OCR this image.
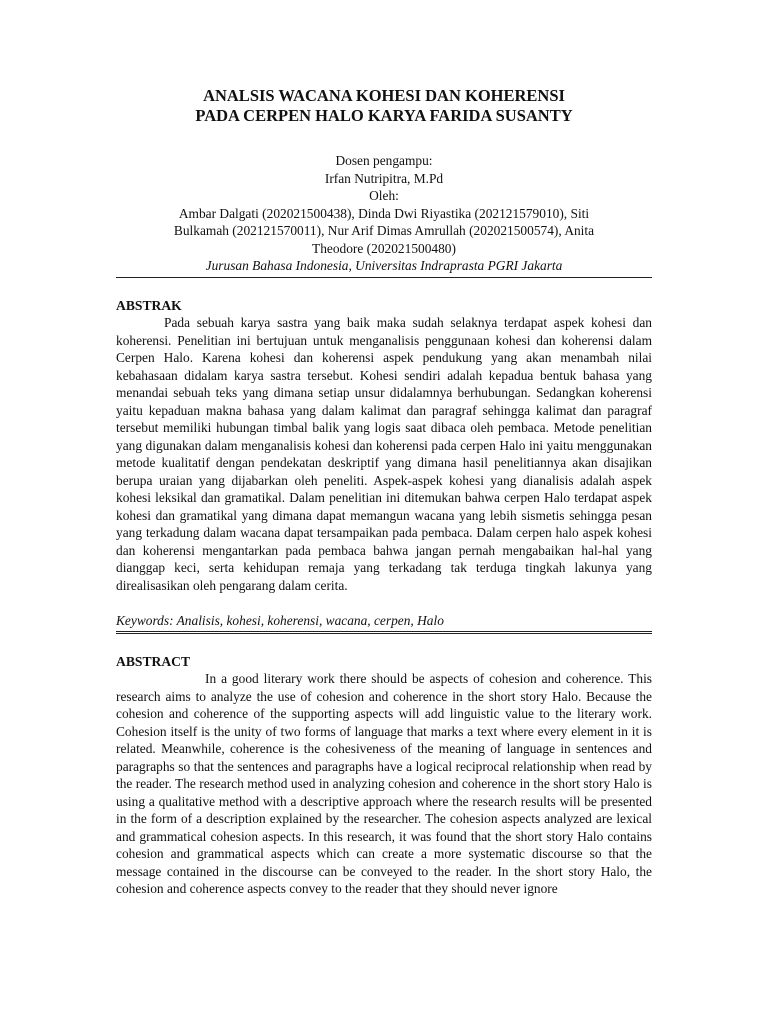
ANALSIS WACANA KOHESI DAN KOHERENSI
PADA CERPEN HALO KARYA FARIDA SUSANTY
Dosen pengampu:
Irfan Nutripitra, M.Pd
Oleh:
Ambar Dalgati (202021500438), Dinda Dwi Riyastika (202121579010), Siti
Bulkamah (202121570011), Nur Arif Dimas Amrullah (202021500574), Anita
Theodore (202021500480)
Jurusan Bahasa Indonesia, Universitas Indraprasta PGRI Jakarta
ABSTRAK

Pada sebuah karya sastra yang baik maka sudah selaknya terdapat aspek kohesi dan koherensi. Penelitian ini bertujuan untuk menganalisis penggunaan kohesi dan koherensi dalam Cerpen Halo. Karena kohesi dan koherensi aspek pendukung yang akan menambah nilai kebahasaan didalam karya sastra tersebut. Kohesi sendiri adalah kepadua bentuk bahasa yang menandai sebuah teks yang dimana setiap unsur didalamnya berhubungan. Sedangkan koherensi yaitu kepaduan makna bahasa yang dalam kalimat dan paragraf sehingga kalimat dan paragraf tersebut memiliki hubungan timbal balik yang logis saat dibaca oleh pembaca. Metode penelitian yang digunakan dalam menganalisis kohesi dan koherensi pada cerpen Halo ini yaitu menggunakan metode kualitatif dengan pendekatan deskriptif yang dimana hasil penelitiannya akan disajikan berupa uraian yang dijabarkan oleh peneliti. Aspek-aspek kohesi yang dianalisis adalah aspek kohesi leksikal dan gramatikal. Dalam penelitian ini ditemukan bahwa cerpen Halo terdapat aspek kohesi dan gramatikal yang dimana dapat memangun wacana yang lebih sismetis sehingga pesan yang terkadung dalam wacana dapat tersampaikan pada pembaca. Dalam cerpen halo aspek kohesi dan koherensi mengantarkan pada pembaca bahwa jangan pernah mengabaikan hal-hal yang dianggap keci, serta kehidupan remaja yang terkadang tak terduga tingkah lakunya yang direalisasikan oleh pengarang dalam cerita.

Keywords: Analisis, kohesi, koherensi, wacana, cerpen, Halo
ABSTRACT

In a good literary work there should be aspects of cohesion and coherence. This research aims to analyze the use of cohesion and coherence in the short story Halo. Because the cohesion and coherence of the supporting aspects will add linguistic value to the literary work. Cohesion itself is the unity of two forms of language that marks a text where every element in it is related. Meanwhile, coherence is the cohesiveness of the meaning of language in sentences and paragraphs so that the sentences and paragraphs have a logical reciprocal relationship when read by the reader. The research method used in analyzing cohesion and coherence in the short story Halo is using a qualitative method with a descriptive approach where the research results will be presented in the form of a description explained by the researcher. The cohesion aspects analyzed are lexical and grammatical cohesion aspects. In this research, it was found that the short story Halo contains cohesion and grammatical aspects which can create a more systematic discourse so that the message contained in the discourse can be conveyed to the reader. In the short story Halo, the cohesion and coherence aspects convey to the reader that they should never ignore
